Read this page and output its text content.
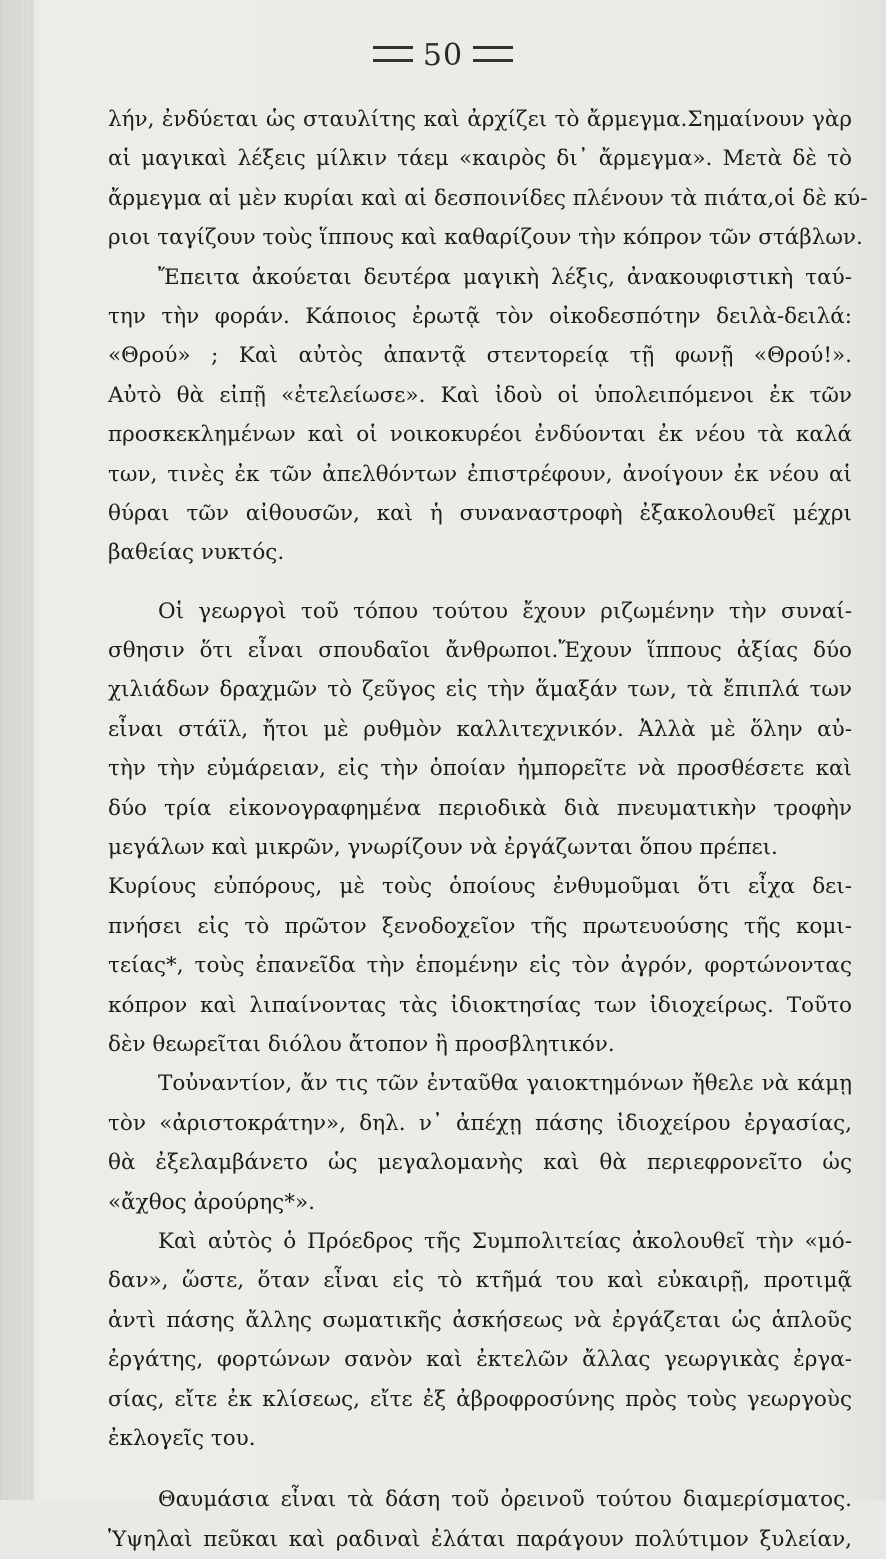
50
λήν, ἐνδύεται ὡς σταυλίτης καὶ ἀρχίζει τὸ ἄρμεγμα.Σημαίνουν γὰρ
αἱ μαγικαὶ λέξεις μίλκιν τάεμ «καιρὸς δι᾽ ἄρμεγμα». Μετὰ δὲ τὸ
ἄρμεγμα αἱ μὲν κυρίαι καὶ αἱ δεσποινίδες πλένουν τὰ πιάτα,οἱ δὲ κύ-
ριοι ταγίζουν τοὺς ἵππους καὶ καθαρίζουν τὴν κόπρον τῶν στάβλων.
Ἔπειτα ἀκούεται δευτέρα μαγικὴ λέξις, ἀνακουφιστικὴ ταύ-
την τὴν φοράν. Κάποιος ἐρωτᾷ τὸν οἰκοδεσπότην δειλὰ-δειλά:
«Θρού» ; Καὶ αὐτὸς ἀπαντᾷ στεντορείᾳ τῇ φωνῇ «Θρού!».
Αὐτὸ θὰ εἰπῇ «ἐτελείωσε». Καὶ ἰδοὺ οἱ ὑπολειπόμενοι ἐκ τῶν
προσκεκλημένων καὶ οἱ νοικοκυρέοι ἐνδύονται ἐκ νέου τὰ καλά
των, τινὲς ἐκ τῶν ἀπελθόντων ἐπιστρέφουν, ἀνοίγουν ἐκ νέου αἱ
θύραι τῶν αἰθουσῶν, καὶ ἡ συναναστροφὴ ἐξακολουθεῖ μέχρι
βαθείας νυκτός.
Οἱ γεωργοὶ τοῦ τόπου τούτου ἔχουν ριζωμένην τὴν συναί-
σθησιν ὅτι εἶναι σπουδαῖοι ἄνθρωποι.Ἔχουν ἵππους ἀξίας δύο
χιλιάδων δραχμῶν τὸ ζεῦγος εἰς τὴν ἅμαξάν των, τὰ ἔπιπλά των
εἶναι στάϊλ, ἤτοι μὲ ρυθμὸν καλλιτεχνικόν. Ἀλλὰ μὲ ὅλην αὐ-
τὴν τὴν εὐμάρειαν, εἰς τὴν ὁποίαν ἠμπορεῖτε νὰ προσθέσετε καὶ
δύο τρία εἰκονογραφημένα περιοδικὰ διὰ πνευματικὴν τροφὴν
μεγάλων καὶ μικρῶν, γνωρίζουν νὰ ἐργάζωνται ὅπου πρέπει.
Κυρίους εὐπόρους, μὲ τοὺς ὁποίους ἐνθυμοῦμαι ὅτι εἶχα δει-
πνήσει εἰς τὸ πρῶτον ξενοδοχεῖον τῆς πρωτευούσης τῆς κομι-
τείας*, τοὺς ἐπανεῖδα τὴν ἑπομένην εἰς τὸν ἀγρόν, φορτώνοντας
κόπρον καὶ λιπαίνοντας τὰς ἰδιοκτησίας των ἰδιοχείρως. Τοῦτο
δὲν θεωρεῖται διόλου ἄτοπον ἢ προσβλητικόν.
Τοὐναντίον, ἄν τις τῶν ἐνταῦθα γαιοκτημόνων ἤθελε νὰ κάμῃ
τὸν «ἀριστοκράτην», δηλ. ν᾽ ἀπέχῃ πάσης ἰδιοχείρου ἐργασίας,
θὰ ἐξελαμβάνετο ὡς μεγαλομανὴς καὶ θὰ περιεφρονεῖτο ὡς
«ἄχθος ἀρούρης*».
Καὶ αὐτὸς ὁ Πρόεδρος τῆς Συμπολιτείας ἀκολουθεῖ τὴν «μό-
δαν», ὥστε, ὅταν εἶναι εἰς τὸ κτῆμά του καὶ εὐκαιρῇ, προτιμᾷ
ἀντὶ πάσης ἄλλης σωματικῆς ἀσκήσεως νὰ ἐργάζεται ὡς ἁπλοῦς
ἐργάτης, φορτώνων σανὸν καὶ ἐκτελῶν ἄλλας γεωργικὰς ἐργα-
σίας, εἴτε ἐκ κλίσεως, εἴτε ἐξ ἀβροφροσύνης πρὸς τοὺς γεωργοὺς
ἐκλογεῖς του.
Θαυμάσια εἶναι τὰ δάση τοῦ ὀρεινοῦ τούτου διαμερίσματος.
Ὑψηλαὶ πεῦκαι καὶ ραδιναὶ ἐλάται παράγουν πολύτιμον ξυλείαν,
